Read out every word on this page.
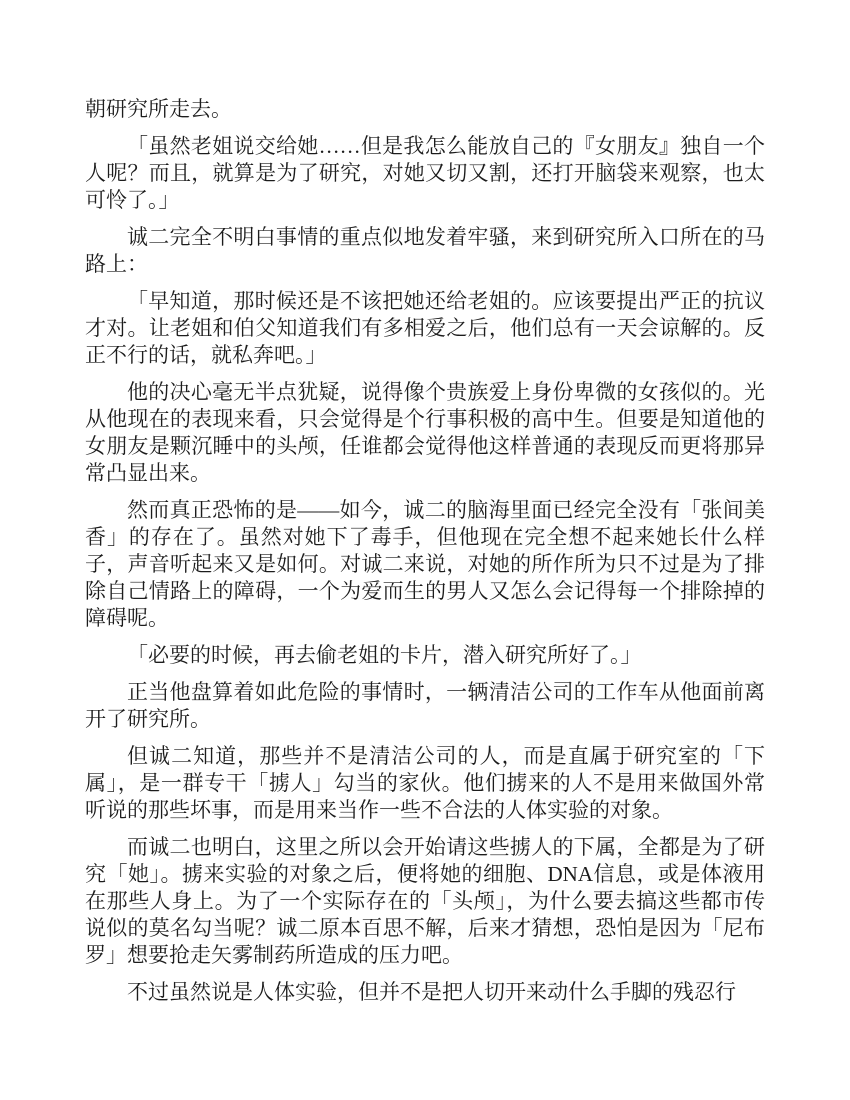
朝研究所走去。

「虽然老姐说交给她……但是我怎么能放自己的『女朋友』独自一个人呢？而且，就算是为了研究，对她又切又割，还打开脑袋来观察，也太可怜了。」

诚二完全不明白事情的重点似地发着牢骚，来到研究所入口所在的马路上：

「早知道，那时候还是不该把她还给老姐的。应该要提出严正的抗议才对。让老姐和伯父知道我们有多相爱之后，他们总有一天会谅解的。反正不行的话，就私奔吧。」

他的决心毫无半点犹疑，说得像个贵族爱上身份卑微的女孩似的。光从他现在的表现来看，只会觉得是个行事积极的高中生。但要是知道他的女朋友是颗沉睡中的头颅，任谁都会觉得他这样普通的表现反而更将那异常凸显出来。

然而真正恐怖的是——如今，诚二的脑海里面已经完全没有「张间美香」的存在了。虽然对她下了毒手，但他现在完全想不起来她长什么样子，声音听起来又是如何。对诚二来说，对她的所作所为只不过是为了排除自己情路上的障碍，一个为爱而生的男人又怎么会记得每一个排除掉的障碍呢。

「必要的时候，再去偷老姐的卡片，潜入研究所好了。」

正当他盘算着如此危险的事情时，一辆清洁公司的工作车从他面前离开了研究所。

但诚二知道，那些并不是清洁公司的人，而是直属于研究室的「下属」，是一群专干「掳人」勾当的家伙。他们掳来的人不是用来做国外常听说的那些坏事，而是用来当作一些不合法的人体实验的对象。

而诚二也明白，这里之所以会开始请这些掳人的下属，全都是为了研究「她」。掳来实验的对象之后，便将她的细胞、DNA信息，或是体液用在那些人身上。为了一个实际存在的「头颅」，为什么要去搞这些都市传说似的莫名勾当呢？诚二原本百思不解，后来才猜想，恐怕是因为「尼布罗」想要抢走矢雾制药所造成的压力吧。

不过虽然说是人体实验，但并不是把人切开来动什么手脚的残忍行
